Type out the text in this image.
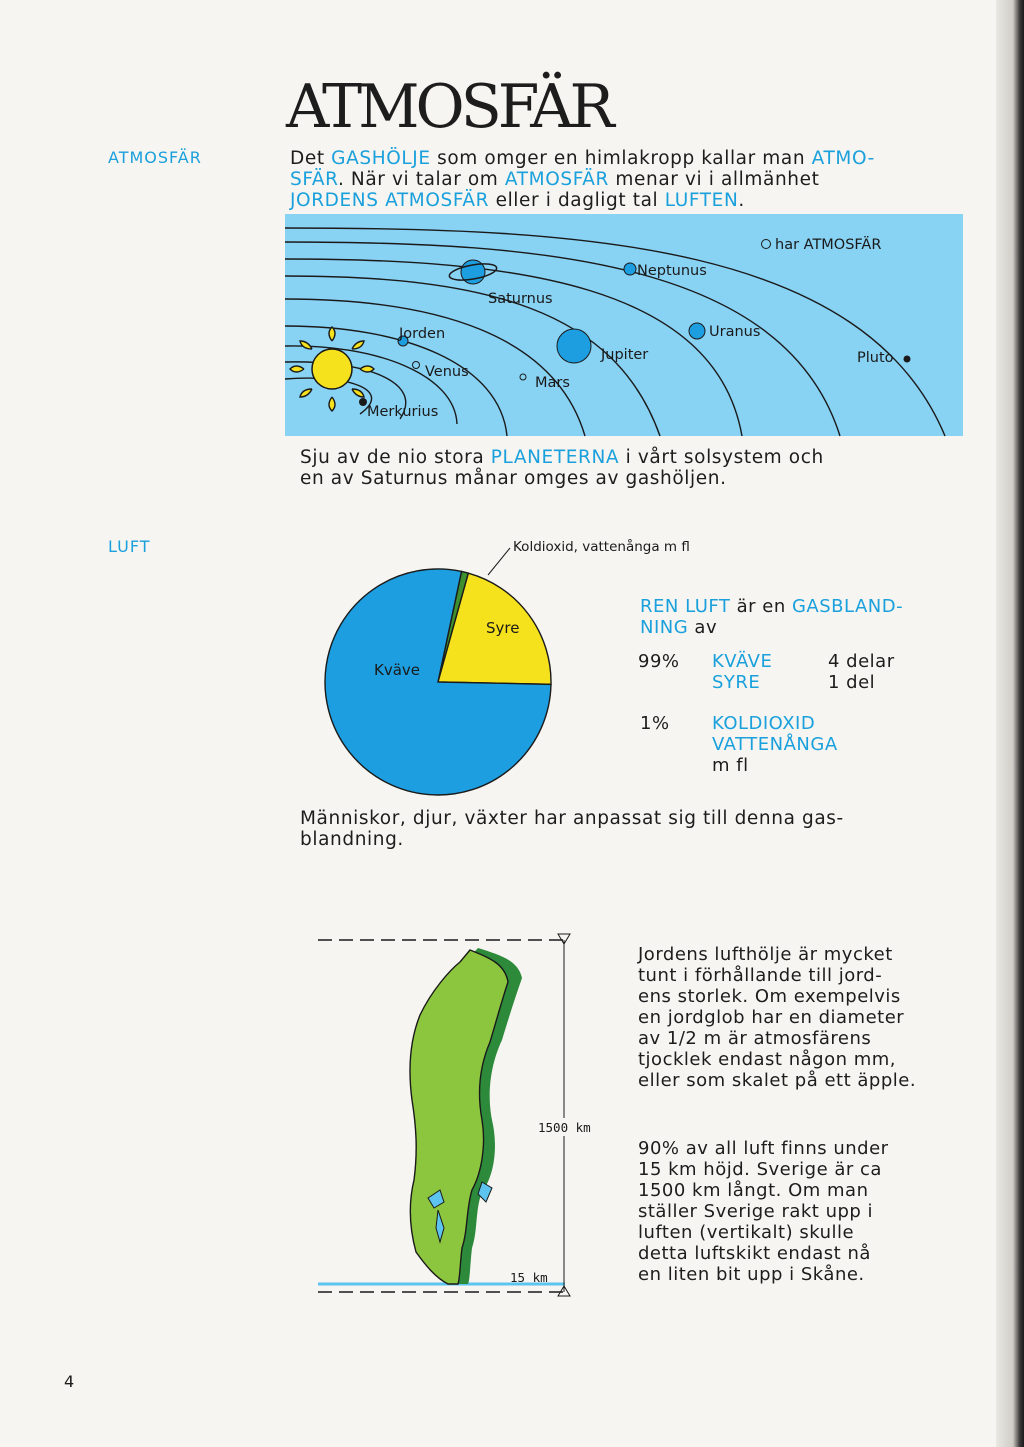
ATMOSFÄR
ATMOSFÄR
LUFT
Det GASHÖLJE som omger en himlakropp kallar man ATMO-
SFÄR. När vi talar om ATMOSFÄR menar vi i allmänhet
JORDENS ATMOSFÄR eller i dagligt tal LUFTEN.
har ATMOSFÄR
Merkurius
Venus
Jorden
Mars
Jupiter
Saturnus
Uranus
Neptunus
Pluto
Sju av de nio stora PLANETERNA i vårt solsystem och
en av Saturnus månar omges av gashöljen.
Kväve
Syre
Koldioxid, vattenånga m fl
REN LUFT är en GASBLAND-
NING av
99% KVÄVE	4 delar
SYRE	1 del
1% KOLDIOXID
VATTENÅNGA
m fl
Människor, djur, växter har anpassat sig till denna gas-
blandning.
1500 km
15 km
Jordens lufthölje är mycket
tunt i förhållande till jord-
ens storlek. Om exempelvis
en jordglob har en diameter
av 1/2 m är atmosfärens
tjocklek endast någon mm,
eller som skalet på ett äpple.
90% av all luft finns under
15 km höjd. Sverige är ca
1500 km långt. Om man
ställer Sverige rakt upp i
luften (vertikalt) skulle
detta luftskikt endast nå
en liten bit upp i Skåne.
4
